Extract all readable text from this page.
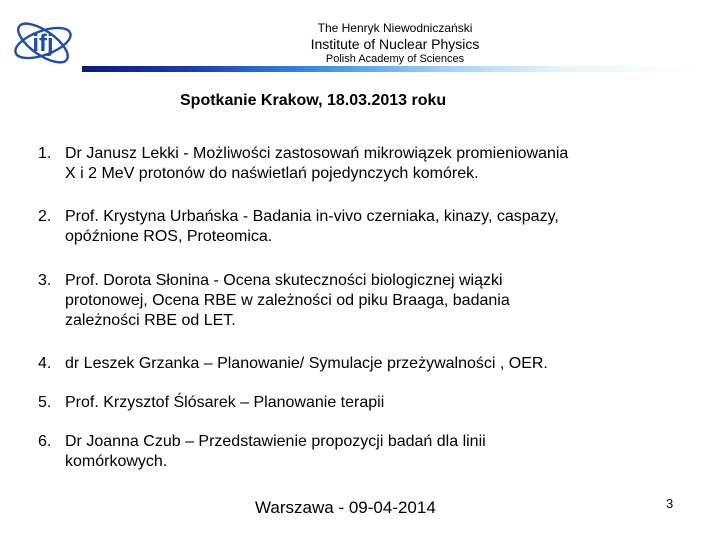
ifj
The Henryk Niewodniczański
Institute of Nuclear Physics
Polish Academy of Sciences
Spotkanie Krakow, 18.03.2013 roku
1. Dr Janusz Lekki - Możliwości zastosowań mikrowiązek promieniowania
X i 2 MeV protonów do naświetlań pojedynczych komórek.
2. Prof. Krystyna Urbańska - Badania in-vivo czerniaka, kinazy, caspazy,
opóźnione ROS, Proteomica.
3. Prof. Dorota Słonina - Ocena skuteczności biologicznej wiązki
protonowej, Ocena RBE w zależności od piku Braaga, badania
zależności RBE od LET.
4. dr Leszek Grzanka – Planowanie/ Symulacje przeżywalności , OER.
5. Prof. Krzysztof Ślósarek – Planowanie terapii
6. Dr Joanna Czub – Przedstawienie propozycji badań dla linii
komórkowych.
Warszawa - 09-04-2014	3
